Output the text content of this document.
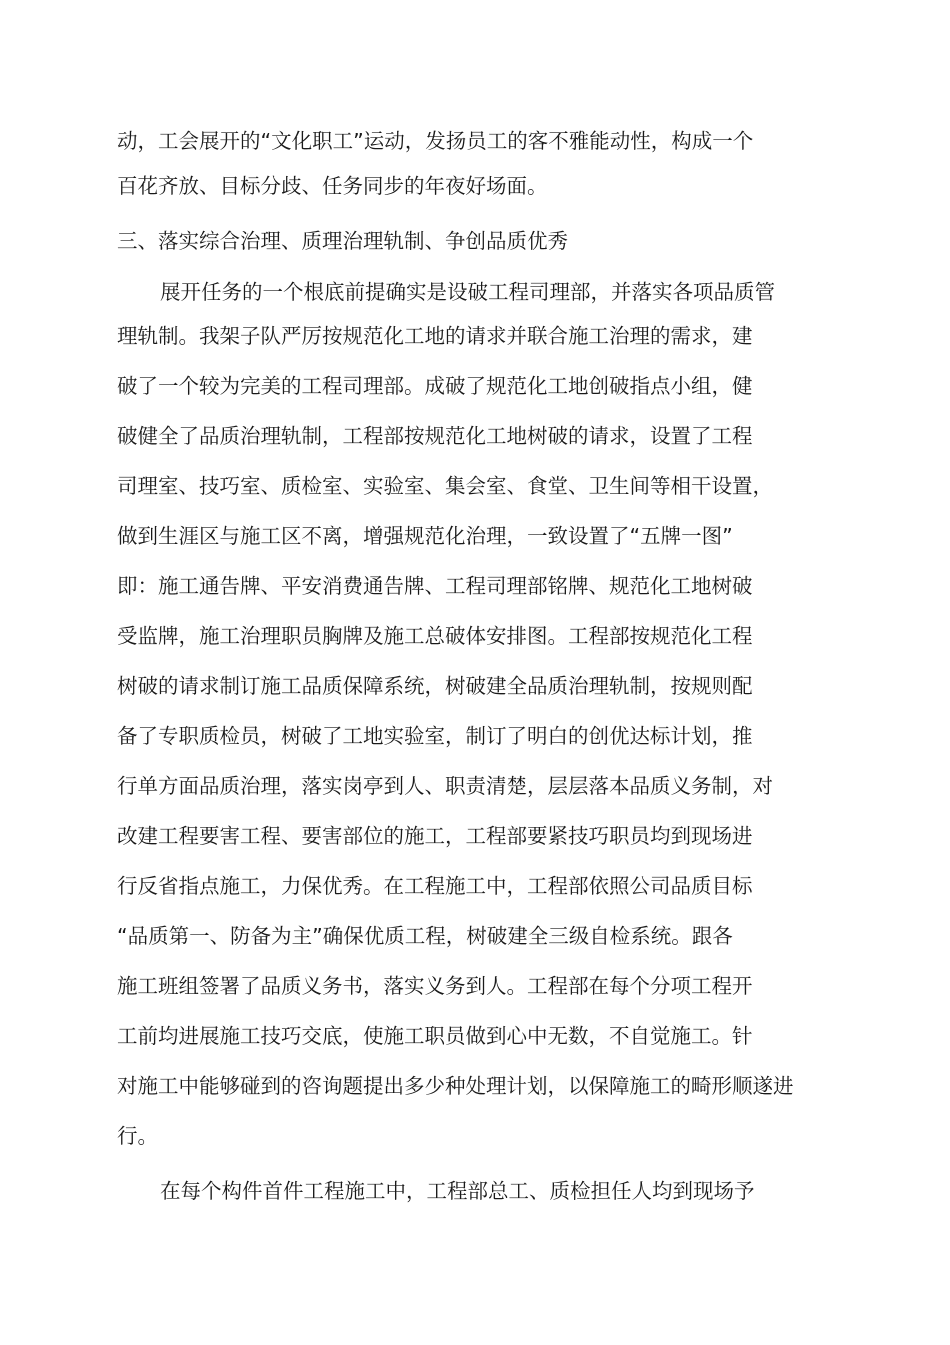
动，工会展开的“文化职工”运动，发扬员工的客不雅能动性，构成一个
百花齐放、目标分歧、任务同步的年夜好场面。
三、落实综合治理、质理治理轨制、争创品质优秀
展开任务的一个根底前提确实是设破工程司理部，并落实各项品质管
理轨制。我架子队严厉按规范化工地的请求并联合施工治理的需求，建
破了一个较为完美的工程司理部。成破了规范化工地创破指点小组，健
破健全了品质治理轨制，工程部按规范化工地树破的请求，设置了工程
司理室、技巧室、质检室、实验室、集会室、食堂、卫生间等相干设置，
做到生涯区与施工区不离，增强规范化治理，一致设置了“五牌一图”
即：施工通告牌、平安消费通告牌、工程司理部铭牌、规范化工地树破
受监牌，施工治理职员胸牌及施工总破体安排图。工程部按规范化工程
树破的请求制订施工品质保障系统，树破建全品质治理轨制，按规则配
备了专职质检员，树破了工地实验室，制订了明白的创优达标计划，推
行单方面品质治理，落实岗亭到人、职责清楚，层层落本品质义务制，对
改建工程要害工程、要害部位的施工，工程部要紧技巧职员均到现场进
行反省指点施工，力保优秀。在工程施工中，工程部依照公司品质目标
“品质第一、防备为主”确保优质工程，树破建全三级自检系统。跟各
施工班组签署了品质义务书，落实义务到人。工程部在每个分项工程开
工前均进展施工技巧交底，使施工职员做到心中无数，不自觉施工。针
对施工中能够碰到的咨询题提出多少种处理计划，以保障施工的畸形顺遂进
行。
在每个构件首件工程施工中，工程部总工、质检担任人均到现场予
